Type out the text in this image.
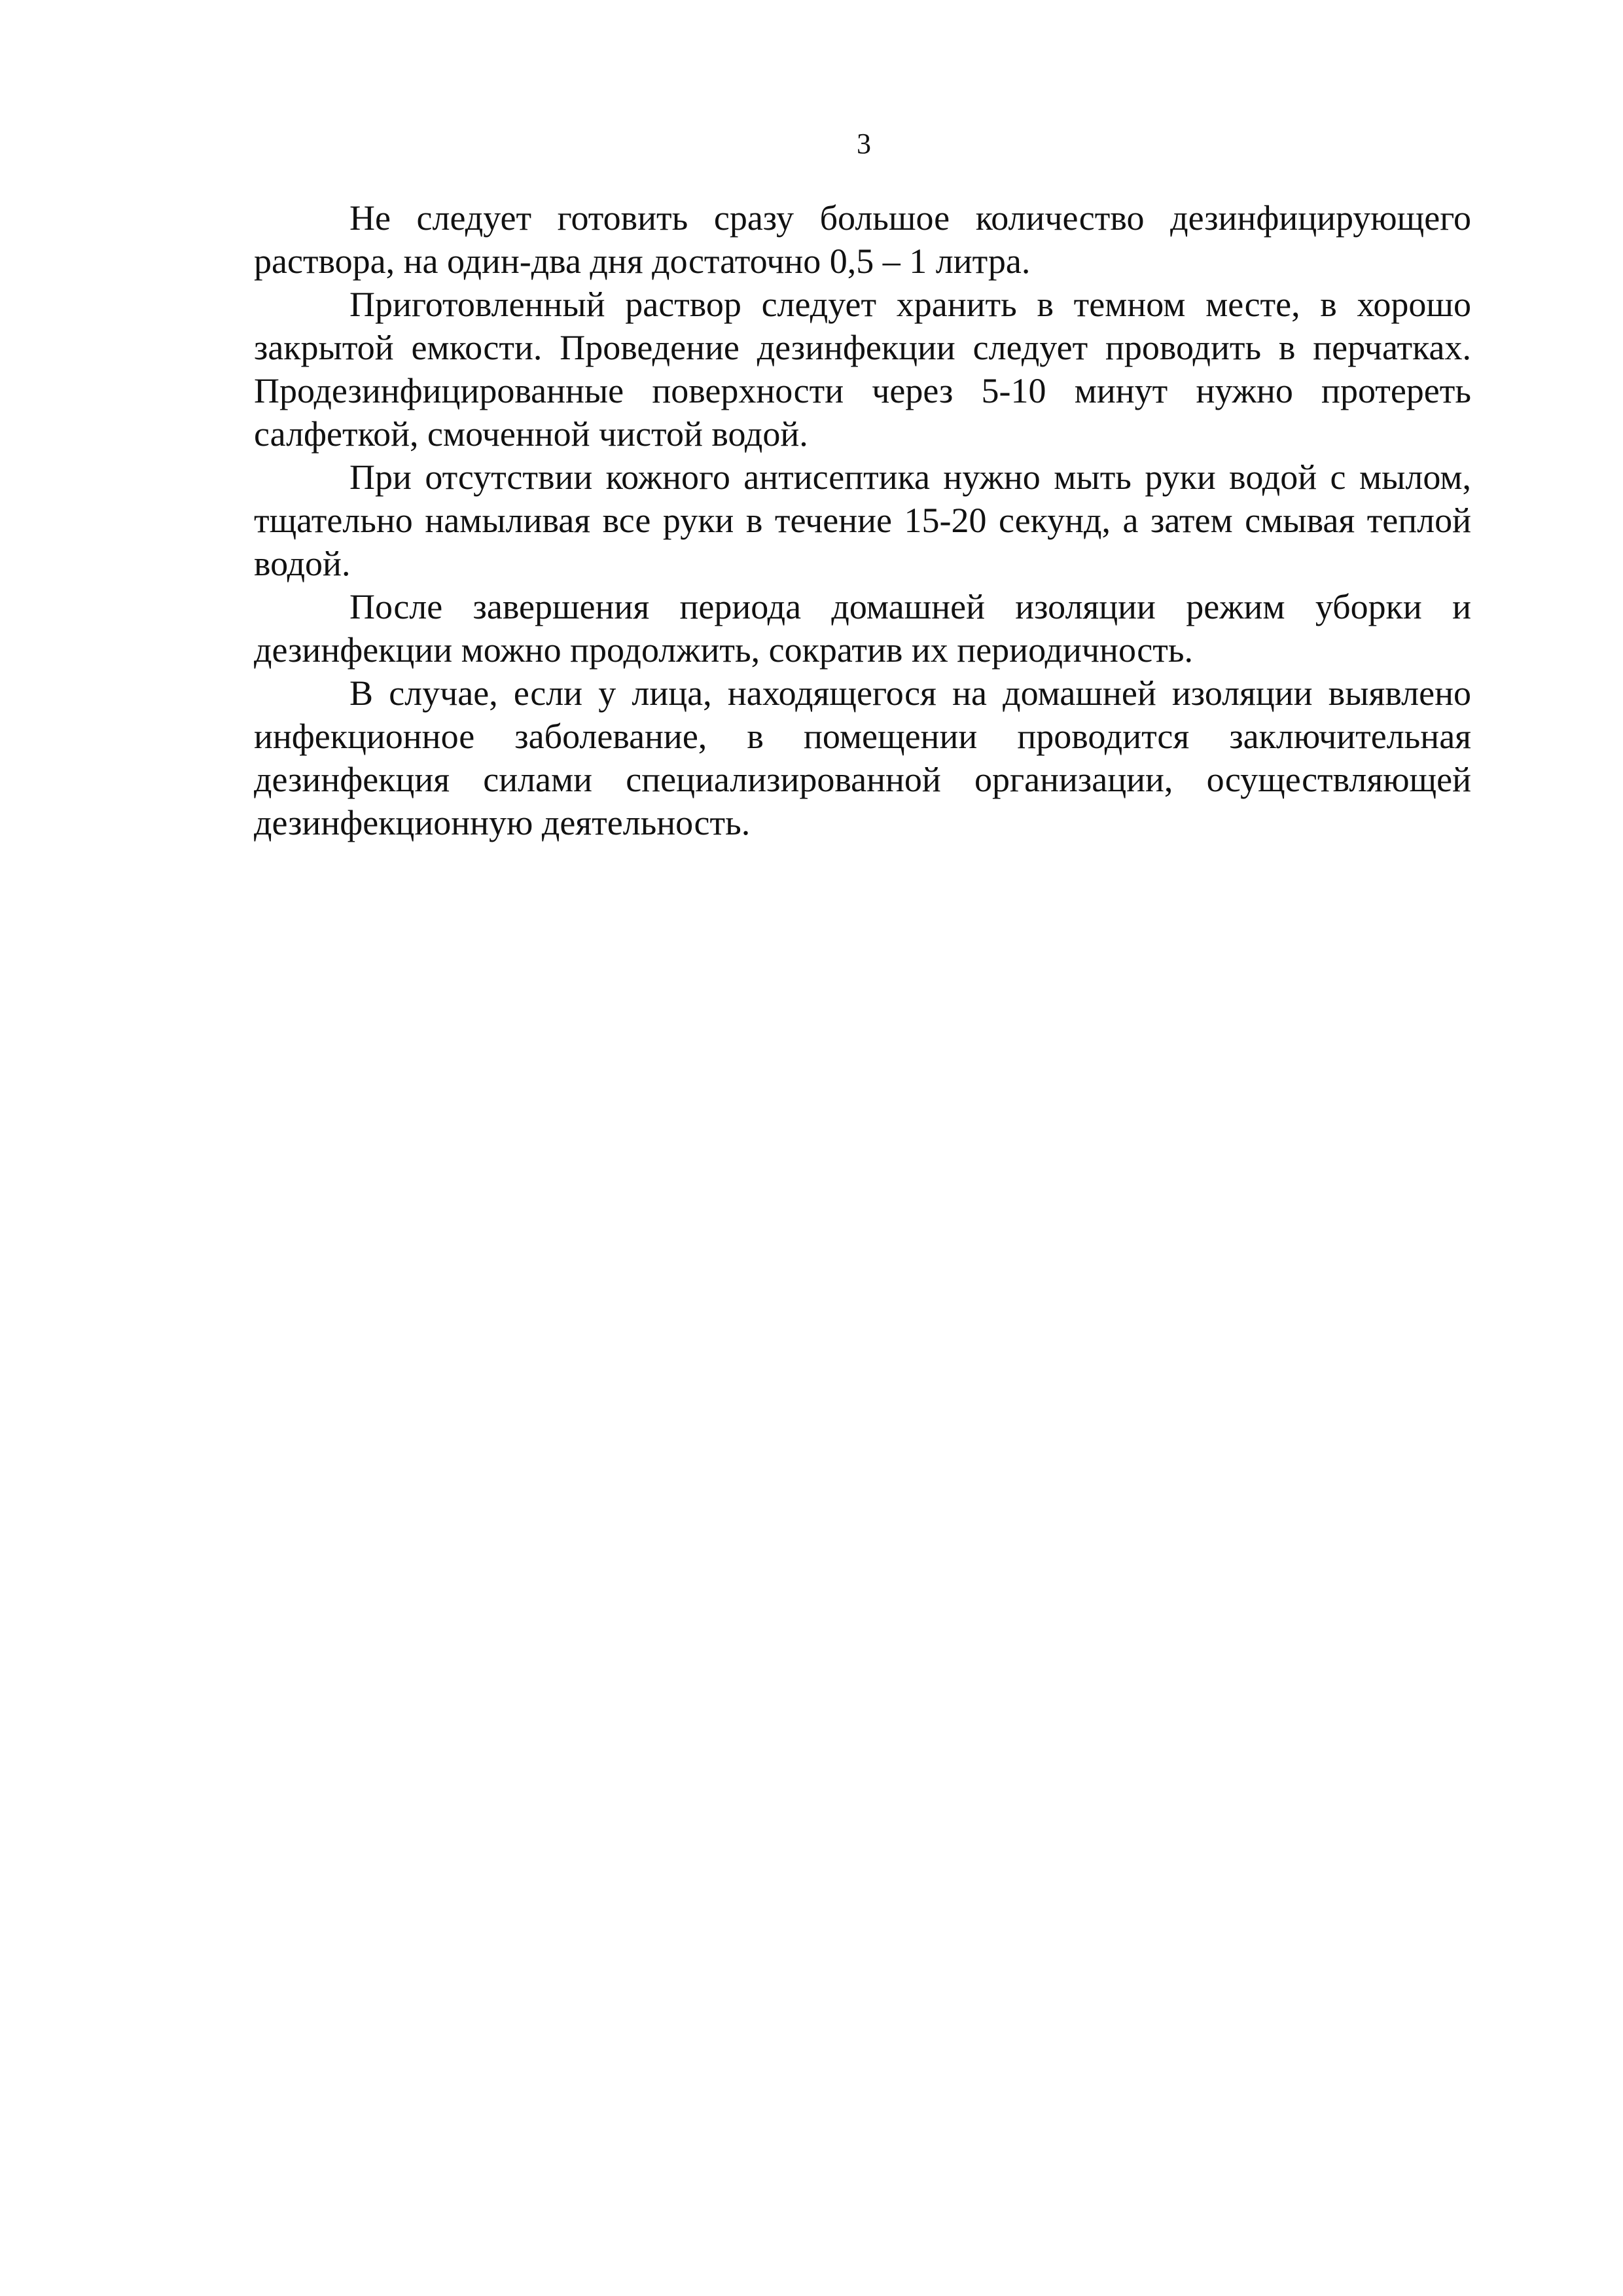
3

Не следует готовить сразу большое количество дезинфицирующего раствора, на один-два дня достаточно 0,5 – 1 литра.

Приготовленный раствор следует хранить в темном месте, в хорошо закрытой емкости. Проведение дезинфекции следует проводить в перчатках. Продезинфицированные поверхности через 5-10 минут нужно протереть салфеткой, смоченной чистой водой.

При отсутствии кожного антисептика нужно мыть руки водой с мылом, тщательно намыливая все руки в течение 15-20 секунд, а затем смывая теплой водой.

После завершения периода домашней изоляции режим уборки и дезинфекции можно продолжить, сократив их периодичность.

В случае, если у лица, находящегося на домашней изоляции выявлено инфекционное заболевание, в помещении проводится заключительная дезинфекция силами специализированной организации, осуществляющей дезинфекционную деятельность.
